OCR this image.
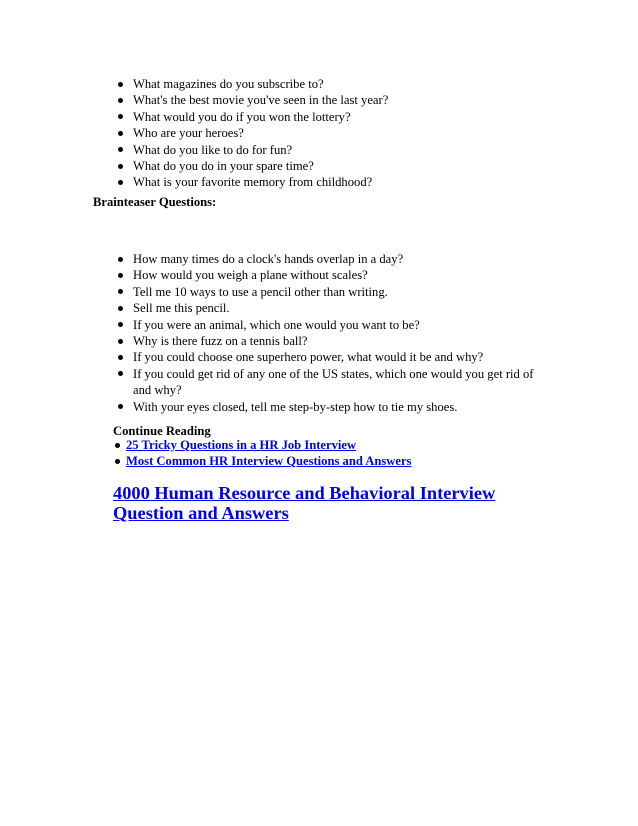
What magazines do you subscribe to?
What's the best movie you've seen in the last year?
What would you do if you won the lottery?
Who are your heroes?
What do you like to do for fun?
What do you do in your spare time?
What is your favorite memory from childhood?
Brainteaser Questions:
How many times do a clock's hands overlap in a day?
How would you weigh a plane without scales?
Tell me 10 ways to use a pencil other than writing.
Sell me this pencil.
If you were an animal, which one would you want to be?
Why is there fuzz on a tennis ball?
If you could choose one superhero power, what would it be and why?
If you could get rid of any one of the US states, which one would you get rid of and why?
With your eyes closed, tell me step-by-step how to tie my shoes.
Continue Reading
25 Tricky Questions in a HR Job Interview
Most Common HR Interview Questions and Answers
4000 Human Resource and Behavioral Interview Question and Answers
